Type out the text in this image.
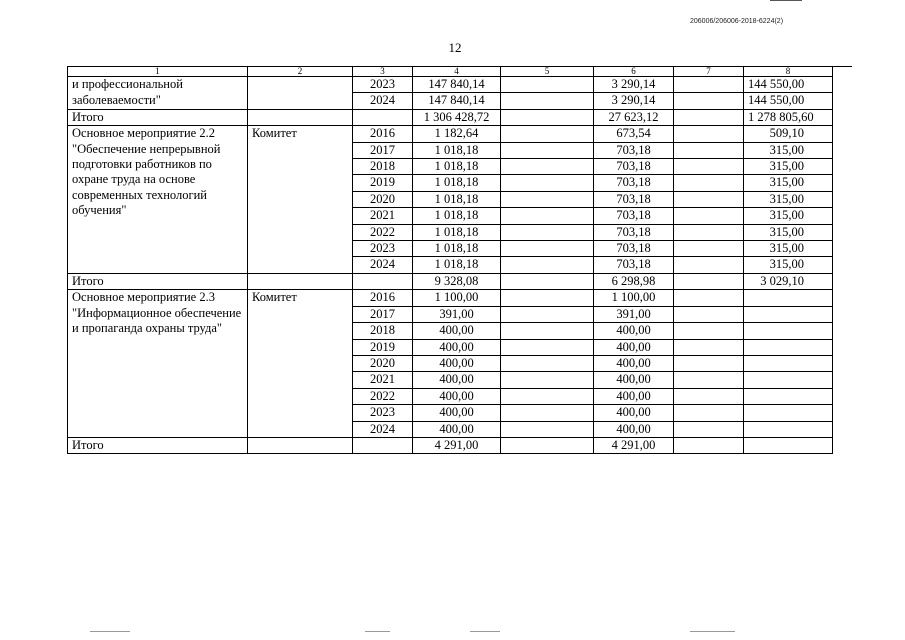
206006/206006-2018-6224(2)
12
1	2	3	4	5	6	7	8
и профессиональной		2023	147 840,14		3 290,14		144 550,00
заболеваемости"		2024	147 840,14		3 290,14		144 550,00
Итого			1 306 428,72		27 623,12		1 278 805,60
Основное мероприятие 2.2 "Обеспечение непрерывной подготовки работников по охране труда на основе современных технологий обучения"	Комитет	2016	1 182,64		673,54		509,10
		2017	1 018,18		703,18		315,00
		2018	1 018,18		703,18		315,00
		2019	1 018,18		703,18		315,00
		2020	1 018,18		703,18		315,00
		2021	1 018,18		703,18		315,00
		2022	1 018,18		703,18		315,00
		2023	1 018,18		703,18		315,00
		2024	1 018,18		703,18		315,00
Итого			9 328,08		6 298,98		3 029,10
Основное мероприятие 2.3 "Информационное обеспечение и пропаганда охраны труда"	Комитет	2016	1 100,00		1 100,00		
		2017	391,00		391,00		
		2018	400,00		400,00		
		2019	400,00		400,00		
		2020	400,00		400,00		
		2021	400,00		400,00		
		2022	400,00		400,00		
		2023	400,00		400,00		
		2024	400,00		400,00		
Итого			4 291,00		4 291,00		
